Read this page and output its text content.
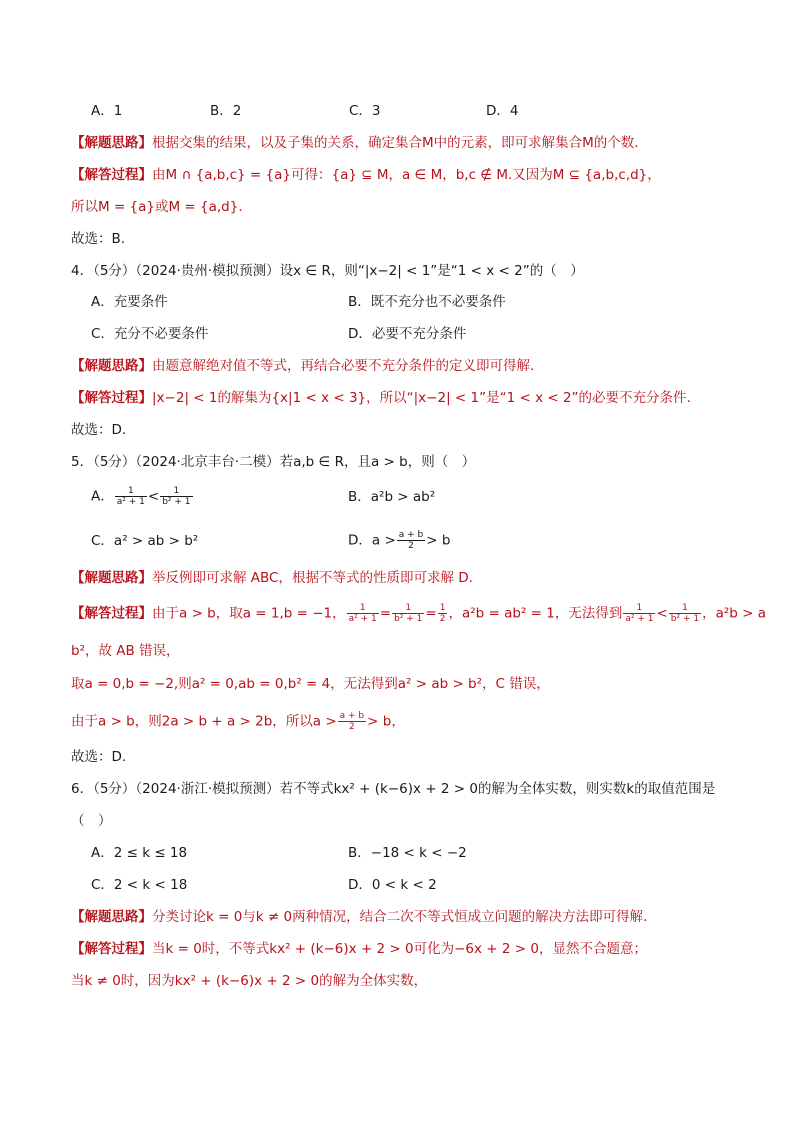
A．1	B．2	C．3	D．4
【解题思路】根据交集的结果，以及子集的关系，确定集合M中的元素，即可求解集合M的个数.
【解答过程】由M ∩ {a,b,c} = {a}可得：{a} ⊆ M，a ∈ M，b,c ∉ M.又因为M ⊆ {a,b,c,d}，
所以M = {a}或M = {a,d}.
故选：B.
4．（5分）（2024·贵州·模拟预测）设x ∈ R，则“|x−2| < 1”是“1 < x < 2”的（　）
A．充要条件	B．既不充分也不必要条件
C．充分不必要条件	D．必要不充分条件
【解题思路】由题意解绝对值不等式，再结合必要不充分条件的定义即可得解.
【解答过程】|x−2| < 1的解集为{x|1 < x < 3}，所以“|x−2| < 1”是“1 < x < 2”的必要不充分条件.
故选：D.
5．（5分）（2024·北京丰台·二模）若a,b ∈ R，且a > b，则（　）
A． $\frac{1}{\text{a² + 1}} < \frac{1}{\text{b² + 1}}$	B．a²b > ab²
C．a² > ab > b²	D．$a > \frac{a + b}{2} > b$
【解题思路】举反例即可求解 ABC，根据不等式的性质即可求解 D.
【解答过程】由于a > b，取a = 1,b = −1， $\frac{1}{\text{a² + 1}} = \frac{1}{\text{b² + 1}} = \frac{1}{2}$ ，a²b = ab² = 1，无法得到 $\frac{1}{\text{a² + 1}} < \frac{1}{\text{b² + 1}}$ ，a²b > a
b²，故 AB 错误，
取a = 0,b = −2,则a² = 0,ab = 0,b² = 4，无法得到a² > ab > b²，C 错误，
由于a > b，则2a > b + a > 2b，所以$a > \frac{a + b}{2} > b$，
故选：D.
6．（5分）（2024·浙江·模拟预测）若不等式kx² + (k−6)x + 2 > 0的解为全体实数，则实数k的取值范围是
（　）
A．2 ≤ k ≤ 18	B．−18 < k < −2
C．2 < k < 18	D．0 < k < 2
【解题思路】分类讨论k = 0与k ≠ 0两种情况，结合二次不等式恒成立问题的解决方法即可得解.
【解答过程】当k = 0时，不等式kx² + (k−6)x + 2 > 0可化为−6x + 2 > 0，显然不合题意；
当k ≠ 0时，因为kx² + (k−6)x + 2 > 0的解为全体实数，
